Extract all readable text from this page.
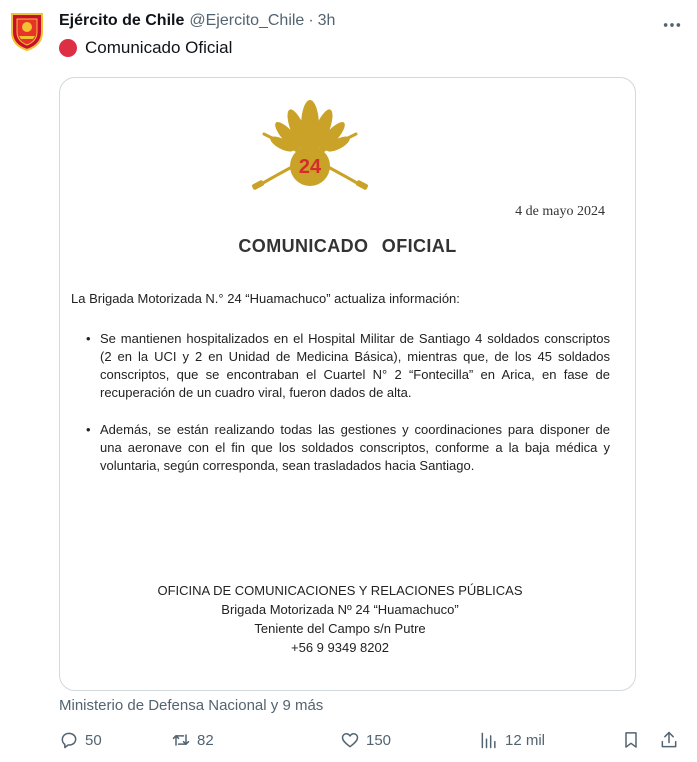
Ejército de Chile @Ejercito_Chile · 3h
Comunicado Oficial
24
4 de mayo 2024
COMUNICADO OFICIAL
La Brigada Motorizada N.° 24 “Huamachuco” actualiza información:
• Se mantienen hospitalizados en el Hospital Militar de Santiago 4 soldados conscriptos (2 en la UCI y 2 en Unidad de Medicina Básica), mientras que, de los 45 soldados conscriptos, que se encontraban el Cuartel N° 2 “Fontecilla” en Arica, en fase de recuperación de un cuadro viral, fueron dados de alta.
• Además, se están realizando todas las gestiones y coordinaciones para disponer de una aeronave con el fin que los soldados conscriptos, conforme a la baja médica y voluntaria, según corresponda, sean trasladados hacia Santiago.
OFICINA DE COMUNICACIONES Y RELACIONES PÚBLICAS
Brigada Motorizada Nº 24 “Huamachuco”
Teniente del Campo s/n Putre
+56 9 9349 8202
Ministerio de Defensa Nacional y 9 más
50	82	150	12 mil
